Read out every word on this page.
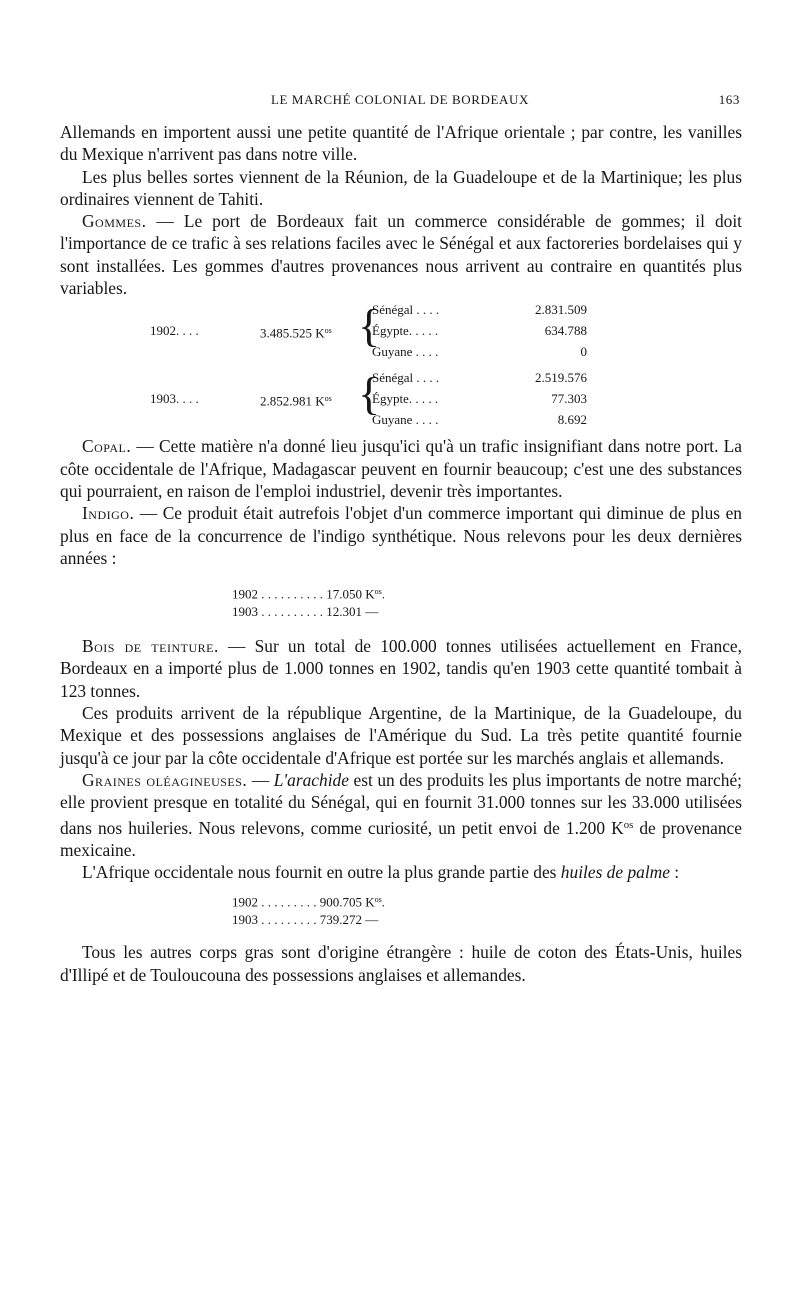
LE MARCHÉ COLONIAL DE BORDEAUX	163

Allemands en importent aussi une petite quantité de l'Afrique orientale ; par contre, les vanilles du Mexique n'arrivent pas dans notre ville.

Les plus belles sortes viennent de la Réunion, de la Guadeloupe et de la Martinique; les plus ordinaires viennent de Tahiti.

Gommes. — Le port de Bordeaux fait un commerce considérable de gommes; il doit l'importance de ce trafic à ses relations faciles avec le Sénégal et aux factoreries bordelaises qui y sont installées. Les gommes d'autres provenances nous arrivent au contraire en quantités plus variables.

1902. . . .	3.485.525 $K^{os}$ {
Sénégal . . . .	2.831.509
Égypte. . . . .	634.788
Guyane . . . .	0
1903. . . .	2.852.981 $K^{os}$ {
Sénégal . . . .	2.519.576
Égypte. . . . .	77.303
Guyane . . . .	8.692

Copal. — Cette matière n'a donné lieu jusqu'ici qu'à un trafic insignifiant dans notre port. La côte occidentale de l'Afrique, Madagascar peuvent en fournir beaucoup; c'est une des substances qui pourraient, en raison de l'emploi industriel, devenir très importantes.

Indigo. — Ce produit était autrefois l'objet d'un commerce important qui diminue de plus en plus en face de la concurrence de l'indigo synthétique. Nous relevons pour les deux dernières années :

1902 . . . . . . . . . . 17.050 $K^{os}$.
1903 . . . . . . . . . . 12.301 —

Bois de teinture. — Sur un total de 100.000 tonnes utilisées actuellement en France, Bordeaux en a importé plus de 1.000 tonnes en 1902, tandis qu'en 1903 cette quantité tombait à 123 tonnes.

Ces produits arrivent de la république Argentine, de la Martinique, de la Guadeloupe, du Mexique et des possessions anglaises de l'Amérique du Sud. La très petite quantité fournie jusqu'à ce jour par la côte occidentale d'Afrique est portée sur les marchés anglais et allemands.

Graines oléagineuses. — L'arachide est un des produits les plus importants de notre marché; elle provient presque en totalité du Sénégal, qui en fournit 31.000 tonnes sur les 33.000 utilisées dans nos huileries. Nous relevons, comme curiosité, un petit envoi de 1.200 $K^{os}$ de provenance mexicaine.

L'Afrique occidentale nous fournit en outre la plus grande partie des huiles de palme :

1902 . . . . . . . . . 900.705 $K^{os}$.
1903 . . . . . . . . . 739.272 —

Tous les autres corps gras sont d'origine étrangère : huile de coton des États-Unis, huiles d'Illipé et de Touloucouna des possessions anglaises et allemandes.
